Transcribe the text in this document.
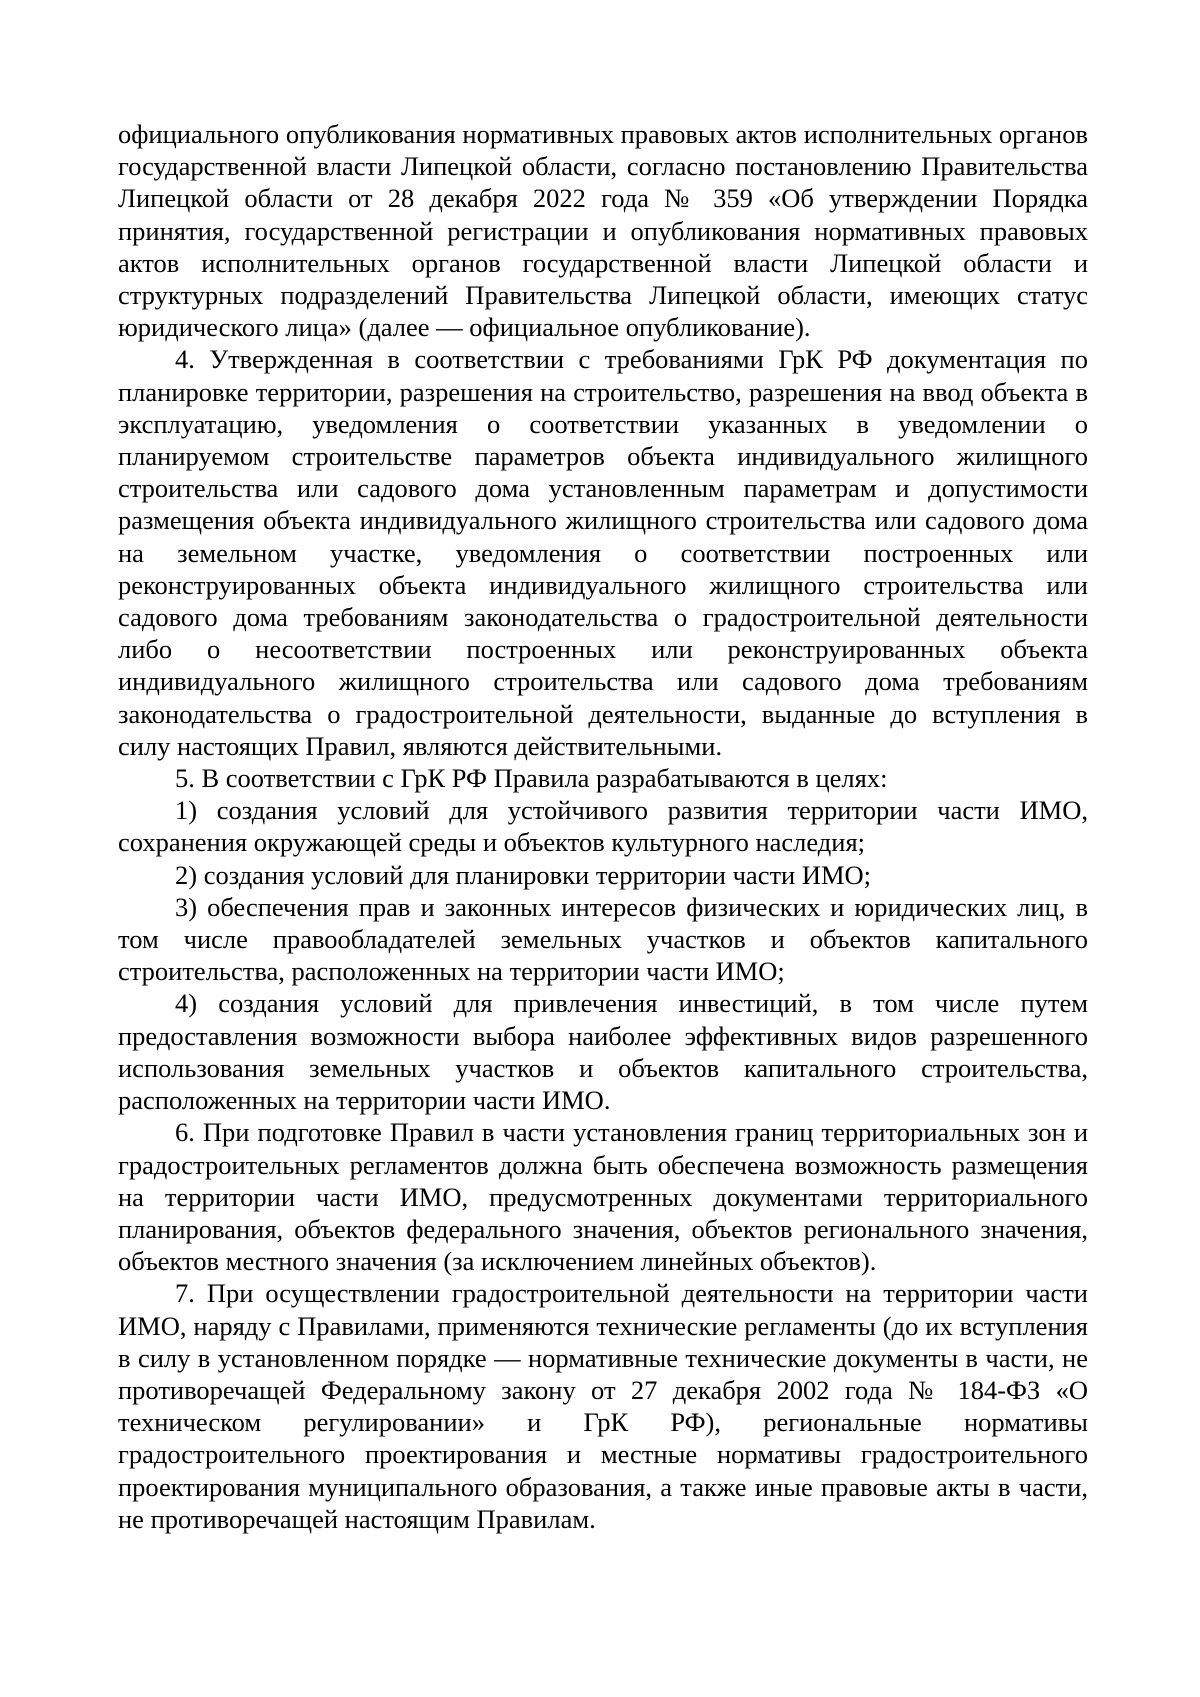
официального опубликования нормативных правовых актов исполнительных органов государственной власти Липецкой области, согласно постановлению Правительства Липецкой области от 28 декабря 2022 года № 359 «Об утверждении Порядка принятия, государственной регистрации и опубликования нормативных правовых актов исполнительных органов государственной власти Липецкой области и структурных подразделений Правительства Липецкой области, имеющих статус юридического лица» (далее — официальное опубликование).

4. Утвержденная в соответствии с требованиями ГрК РФ документация по планировке территории, разрешения на строительство, разрешения на ввод объекта в эксплуатацию, уведомления о соответствии указанных в уведомлении о планируемом строительстве параметров объекта индивидуального жилищного строительства или садового дома установленным параметрам и допустимости размещения объекта индивидуального жилищного строительства или садового дома на земельном участке, уведомления о соответствии построенных или реконструированных объекта индивидуального жилищного строительства или садового дома требованиям законодательства о градостроительной деятельности либо о несоответствии построенных или реконструированных объекта индивидуального жилищного строительства или садового дома требованиям законодательства о градостроительной деятельности, выданные до вступления в силу настоящих Правил, являются действительными.

5. В соответствии с ГрК РФ Правила разрабатываются в целях:

1) создания условий для устойчивого развития территории части ИМО, сохранения окружающей среды и объектов культурного наследия;

2) создания условий для планировки территории части ИМО;

3) обеспечения прав и законных интересов физических и юридических лиц, в том числе правообладателей земельных участков и объектов капитального строительства, расположенных на территории части ИМО;

4) создания условий для привлечения инвестиций, в том числе путем предоставления возможности выбора наиболее эффективных видов разрешенного использования земельных участков и объектов капитального строительства, расположенных на территории части ИМО.

6. При подготовке Правил в части установления границ территориальных зон и градостроительных регламентов должна быть обеспечена возможность размещения на территории части ИМО, предусмотренных документами территориального планирования, объектов федерального значения, объектов регионального значения, объектов местного значения (за исключением линейных объектов).

7. При осуществлении градостроительной деятельности на территории части ИМО, наряду с Правилами, применяются технические регламенты (до их вступления в силу в установленном порядке — нормативные технические документы в части, не противоречащей Федеральному закону от 27 декабря 2002 года № 184-ФЗ «О техническом регулировании» и ГрК РФ), региональные нормативы градостроительного проектирования и местные нормативы градостроительного проектирования муниципального образования, а также иные правовые акты в части, не противоречащей настоящим Правилам.
